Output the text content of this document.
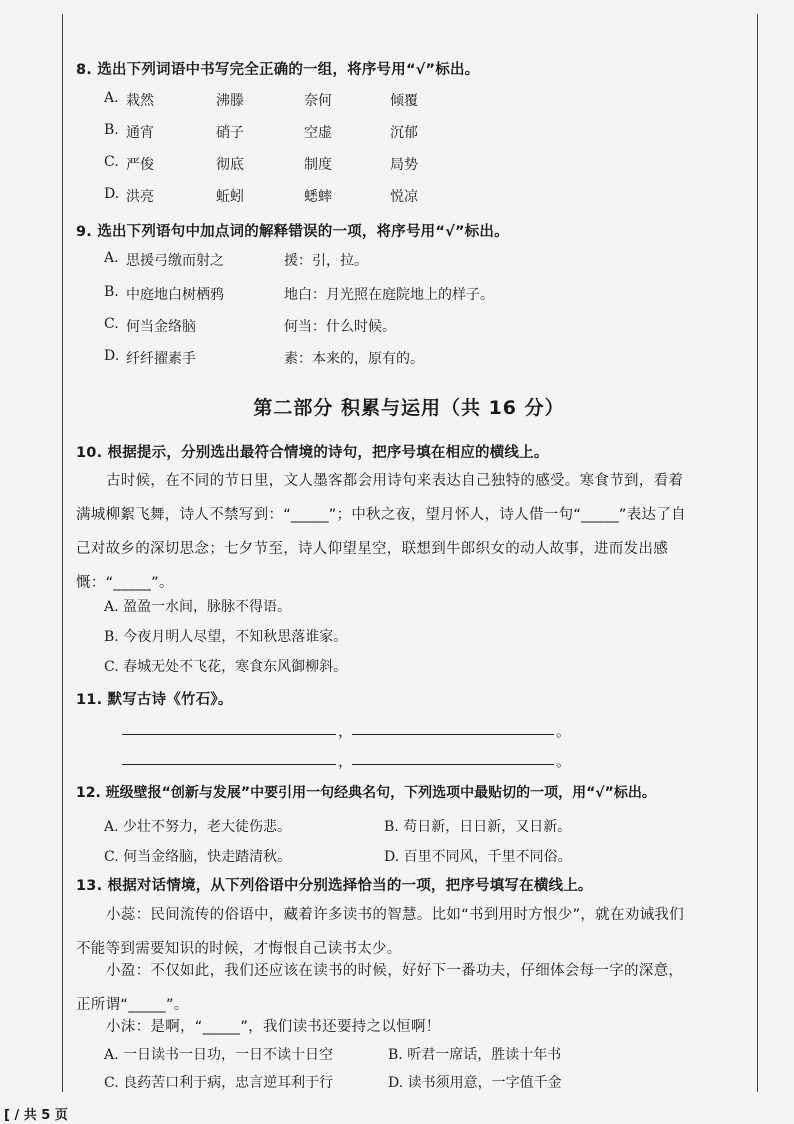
8. 选出下列词语中书写完全正确的一组，将序号用“√”标出。
A. 栽然	沸滕	奈何	倾覆
B. 通宵	硝子	空虚	沉郁
C. 严俊	彻底	制度	局势
D. 洪亮	蚯蚓	蟋蟀	悦凉
9. 选出下列语句中加点词的解释错误的一项，将序号用“√”标出。
A. 思援弓缴而射之	援：引，拉。
B. 中庭地白树栖鸦	地白：月光照在庭院地上的样子。
C. 何当金络脑	何当：什么时候。
D. 纤纤擢素手	素：本来的，原有的。
第二部分 积累与运用（共 16 分）
10. 根据提示，分别选出最符合情境的诗句，把序号填在相应的横线上。
古时候，在不同的节日里，文人墨客都会用诗句来表达自己独特的感受。寒食节到，看着满城柳絮飞舞，诗人不禁写到：“_____”；中秋之夜，望月怀人，诗人借一句“_____”表达了自己对故乡的深切思念；七夕节至，诗人仰望星空，联想到牛郎织女的动人故事，进而发出感慨：“_____”。
A. 盈盈一水间，脉脉不得语。
B. 今夜月明人尽望，不知秋思落谁家。
C. 春城无处不飞花，寒食东风御柳斜。
11. 默写古诗《竹石》。
，	。
，	。
12. 班级壁报“创新与发展”中要引用一句经典名句，下列选项中最贴切的一项，用“√”标出。
A. 少壮不努力，老大徒伤悲。	B. 苟日新，日日新，又日新。
C. 何当金络脑，快走踏清秋。	D. 百里不同风，千里不同俗。
13. 根据对话情境，从下列俗语中分别选择恰当的一项，把序号填写在横线上。
小蕊：民间流传的俗语中，藏着许多读书的智慧。比如“书到用时方恨少”，就在劝诫我们不能等到需要知识的时候，才悔恨自己读书太少。
小盈：不仅如此，我们还应该在读书的时候，好好下一番功夫，仔细体会每一字的深意，正所谓“_____”。
小沫：是啊，“_____”，我们读书还要持之以恒啊！
A. 一日读书一日功，一日不读十日空	B. 听君一席话，胜读十年书
C. 良药苦口利于病，忠言逆耳利于行	D. 读书须用意，一字值千金
[ / 共 5 页
